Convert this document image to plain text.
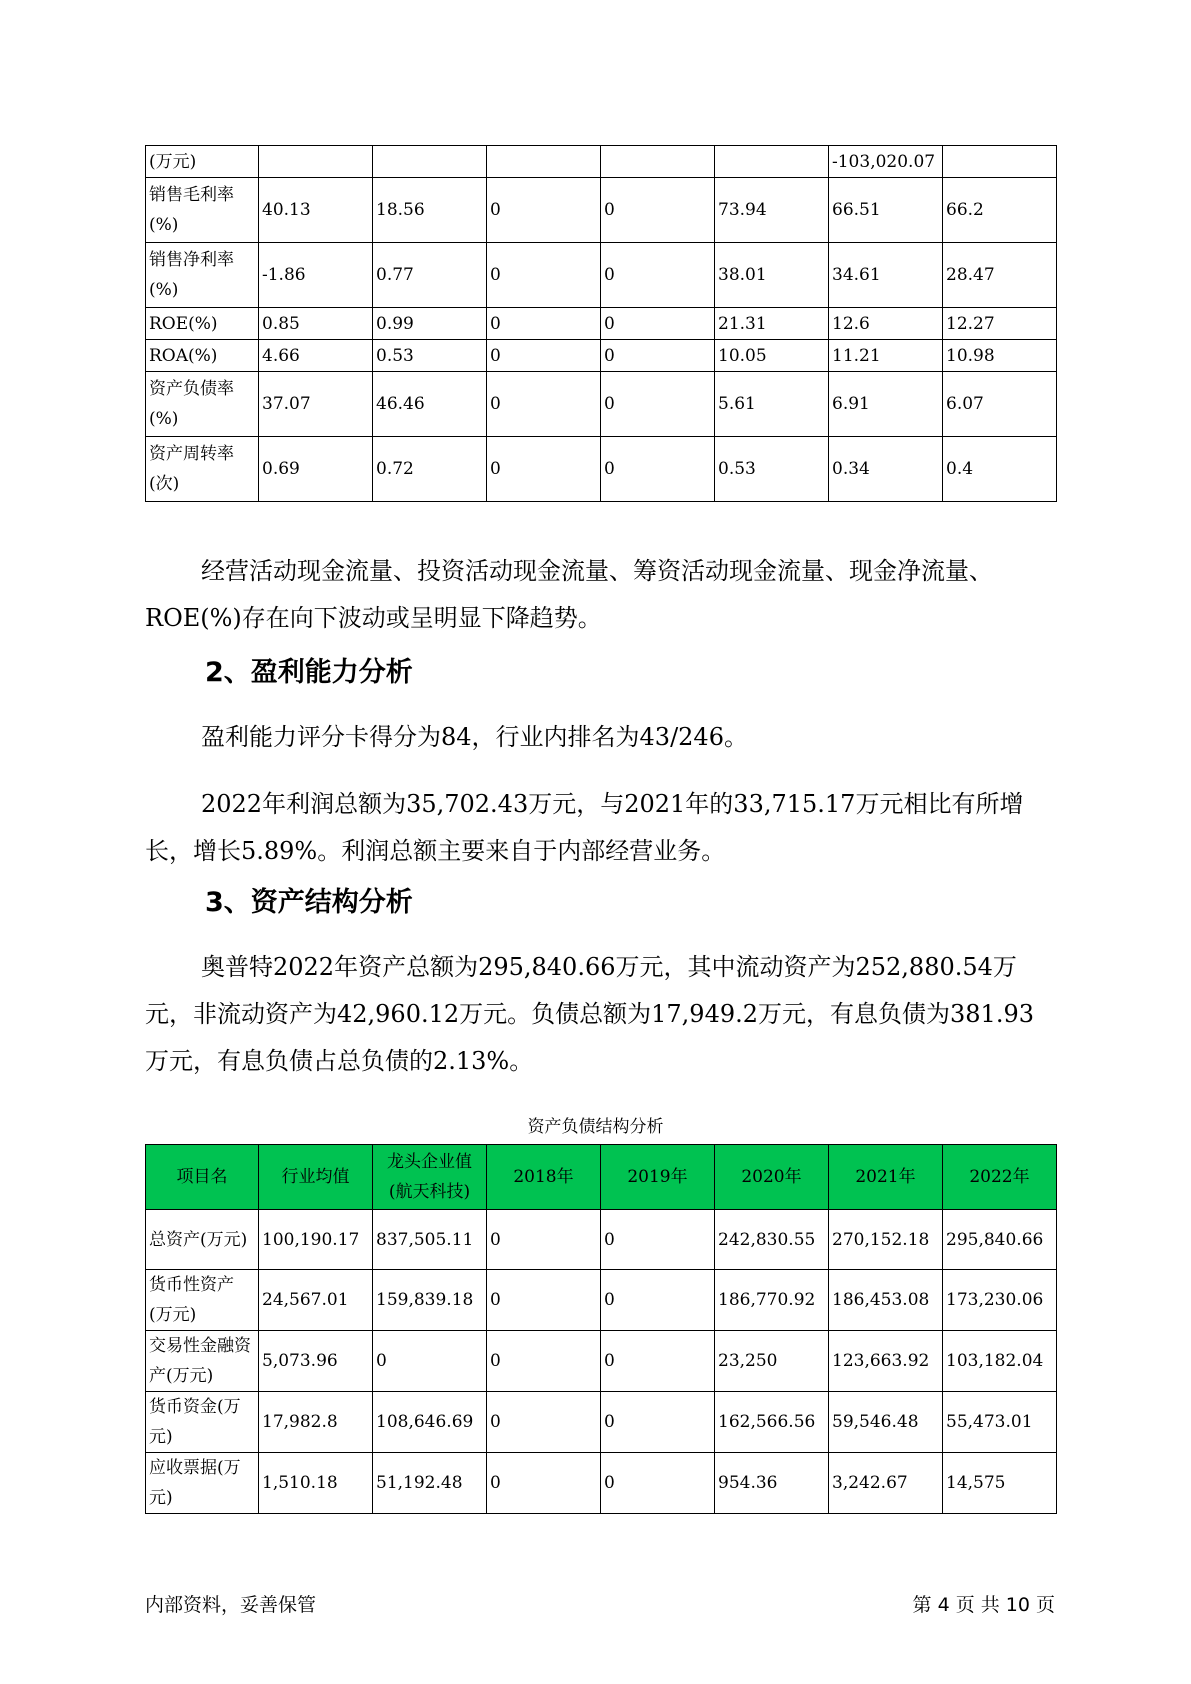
(万元)						-103,020.07	
销售毛利率(%)	40.13	18.56	0	0	73.94	66.51	66.2
销售净利率(%)	-1.86	0.77	0	0	38.01	34.61	28.47
ROE(%)	0.85	0.99	0	0	21.31	12.6	12.27
ROA(%)	4.66	0.53	0	0	10.05	11.21	10.98
资产负债率(%)	37.07	46.46	0	0	5.61	6.91	6.07
资产周转率(次)	0.69	0.72	0	0	0.53	0.34	0.4

经营活动现金流量、投资活动现金流量、筹资活动现金流量、现金净流量、ROE(%)存在向下波动或呈明显下降趋势。

2、盈利能力分析

盈利能力评分卡得分为84，行业内排名为43/246。

2022年利润总额为35,702.43万元，与2021年的33,715.17万元相比有所增长，增长5.89%。利润总额主要来自于内部经营业务。

3、资产结构分析

奥普特2022年资产总额为295,840.66万元，其中流动资产为252,880.54万元，非流动资产为42,960.12万元。负债总额为17,949.2万元，有息负债为381.93万元，有息负债占总负债的2.13%。

资产负债结构分析

项目名	行业均值	龙头企业值(航天科技)	2018年	2019年	2020年	2021年	2022年
总资产(万元)	100,190.17	837,505.11	0	0	242,830.55	270,152.18	295,840.66
货币性资产(万元)	24,567.01	159,839.18	0	0	186,770.92	186,453.08	173,230.06
交易性金融资产(万元)	5,073.96	0	0	0	23,250	123,663.92	103,182.04
货币资金(万元)	17,982.8	108,646.69	0	0	162,566.56	59,546.48	55,473.01
应收票据(万元)	1,510.18	51,192.48	0	0	954.36	3,242.67	14,575
内部资料，妥善保管	第 4 页 共 10 页
